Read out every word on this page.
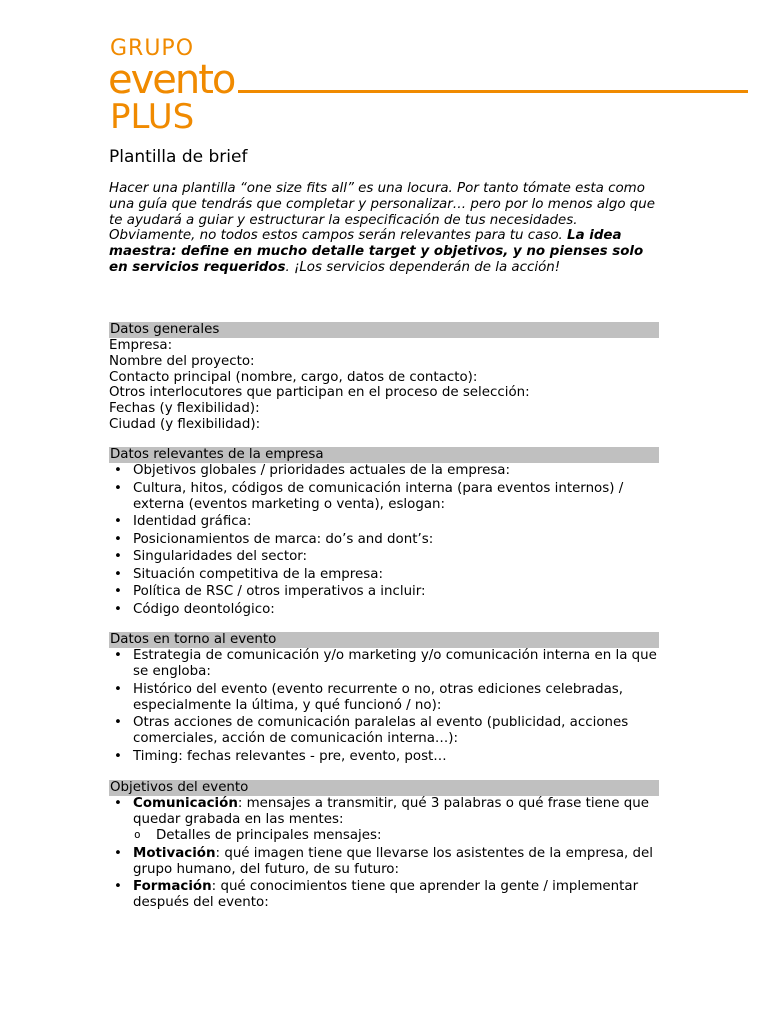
GRUPO
evento
PLUS
Plantilla de brief
Hacer una plantilla “one size fits all” es una locura. Por tanto tómate esta como una guía que tendrás que completar y personalizar… pero por lo menos algo que te ayudará a guiar y estructurar la especificación de tus necesidades. Obviamente, no todos estos campos serán relevantes para tu caso. La idea maestra: define en mucho detalle target y objetivos, y no pienses solo en servicios requeridos. ¡Los servicios dependerán de la acción!
Datos generales
Empresa:
Nombre del proyecto:
Contacto principal (nombre, cargo, datos de contacto):
Otros interlocutores que participan en el proceso de selección:
Fechas (y flexibilidad):
Ciudad (y flexibilidad):
Datos relevantes de la empresa
• Objetivos globales / prioridades actuales de la empresa:
• Cultura, hitos, códigos de comunicación interna (para eventos internos) / externa (eventos marketing o venta), eslogan:
• Identidad gráfica:
• Posicionamientos de marca: do’s and dont’s:
• Singularidades del sector:
• Situación competitiva de la empresa:
• Política de RSC / otros imperativos a incluir:
• Código deontológico:
Datos en torno al evento
• Estrategia de comunicación y/o marketing y/o comunicación interna en la que se engloba:
• Histórico del evento (evento recurrente o no, otras ediciones celebradas, especialmente la última, y qué funcionó / no):
• Otras acciones de comunicación paralelas al evento (publicidad, acciones comerciales, acción de comunicación interna…):
• Timing: fechas relevantes - pre, evento, post…
Objetivos del evento
• Comunicación: mensajes a transmitir, qué 3 palabras o qué frase tiene que quedar grabada en las mentes:
o Detalles de principales mensajes:
• Motivación: qué imagen tiene que llevarse los asistentes de la empresa, del grupo humano, del futuro, de su futuro:
• Formación: qué conocimientos tiene que aprender la gente / implementar después del evento:
